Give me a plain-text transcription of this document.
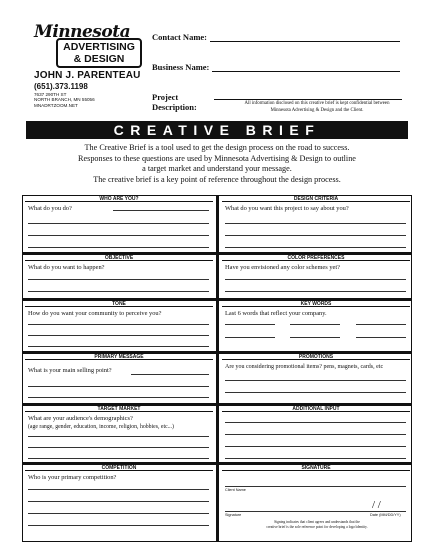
Minnesota
ADVERTISING
& DESIGN
JOHN J. PARENTEAU
(651).373.1198
7637 290TH ST
NORTH BRANCH, MN 55056
MNADRTZOOM.NET
Contact Name:
Business Name:
Project Description:	All information disclosed on this creative brief is kept confidential between
Minnesota Advertising & Design and the Client.
CREATIVE BRIEF
The Creative Brief is a tool used to get the design process on the road to success.
Responses to these questions are used by Minnesota Advertising & Design to outline
a target market and understand your message.
The creative brief is a key point of reference throughout the design process.
WHO ARE YOU?
What do you do?
DESIGN CRITERIA
What do you want this project to say about you?
OBJECTIVE
What do you want to happen?
COLOR PREFERENCES
Have you envisioned any color schemes yet?
TONE
How do you want your community to perceive you?
KEY WORDS
Last 6 words that reflect your company.
PRIMARY MESSAGE
What is your main selling point?
PROMOTIONS
Are you considering promotional items? pens, magnets, cards, etc
TARGET MARKET
What are your audience's demographics?
(age range, gender, education, income, religion, hobbies, etc...)
ADDITIONAL INPUT
COMPETITION
Who is your primary competition?
SIGNATURE
Client Name
/ /
Signature	Date (MM/DD/YY)
Signing indicates that client agrees and understands that the
creative brief is the sole reference point for developing a logo/identity.
